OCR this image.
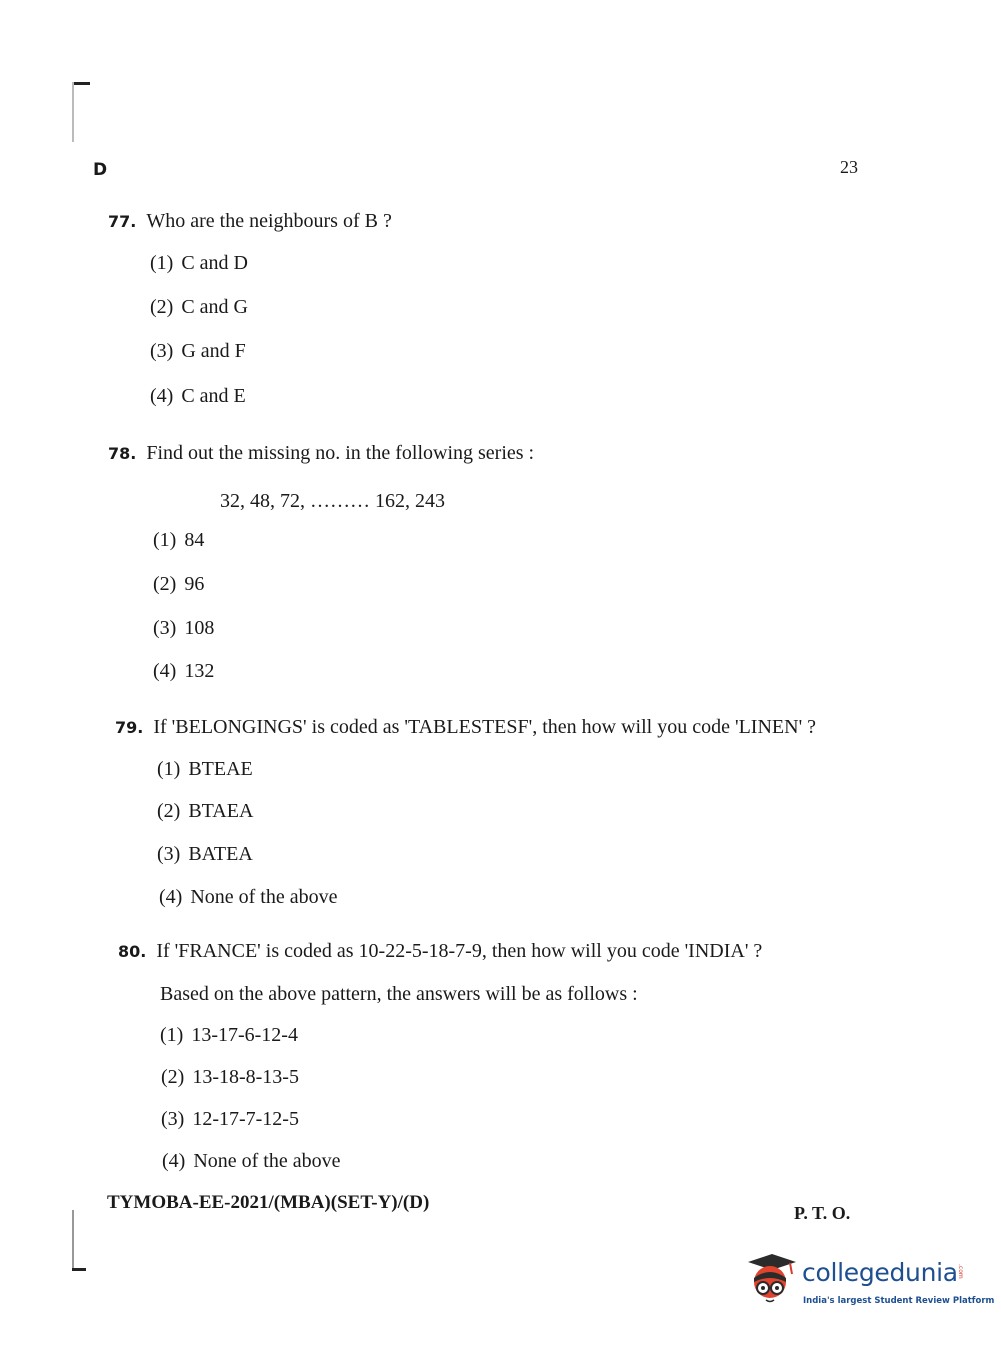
D	23
77. Who are the neighbours of B ?
(1) C and D
(2) C and G
(3) G and F
(4) C and E
78. Find out the missing no. in the following series :
32, 48, 72, ……… 162, 243
(1) 84
(2) 96
(3) 108
(4) 132
79. If 'BELONGINGS' is coded as 'TABLESTESF', then how will you code 'LINEN' ?
(1) BTEAE
(2) BTAEA
(3) BATEA
(4) None of the above
80. If 'FRANCE' is coded as 10-22-5-18-7-9, then how will you code 'INDIA' ?
Based on the above pattern, the answers will be as follows :
(1) 13-17-6-12-4
(2) 13-18-8-13-5
(3) 12-17-7-12-5
(4) None of the above
TYMOBA-EE-2021/(MBA)(SET-Y)/(D)	P. T. O.
collegedunia .com
India's largest Student Review Platform
